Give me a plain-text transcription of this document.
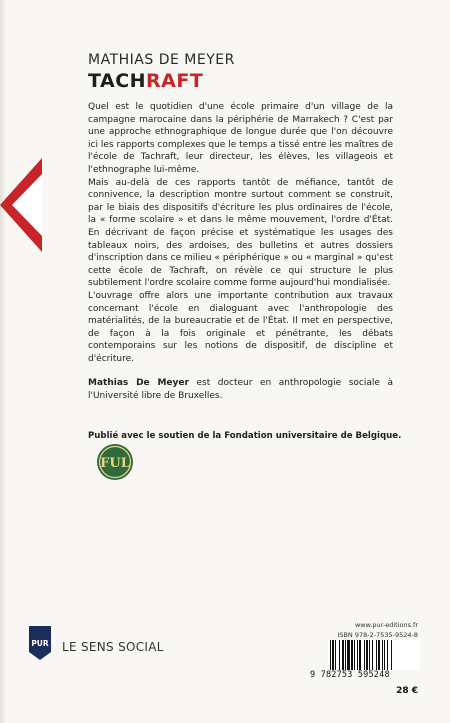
MATHIAS DE MEYER
TACHRAFT

Quel est le quotidien d'une école primaire d'un village de la campagne marocaine dans la périphérie de Marrakech ? C'est par une approche ethnographique de longue durée que l'on découvre ici les rapports complexes que le temps a tissé entre les maîtres de l'école de Tachraft, leur directeur, les élèves, les villageois et l'ethnographe lui-même.

Mais au-delà de ces rapports tantôt de méfiance, tantôt de connivence, la description montre surtout comment se construit, par le biais des dispositifs d'écriture les plus ordinaires de l'école, la « forme scolaire » et dans le même mouvement, l'ordre d'État. En décrivant de façon précise et systématique les usages des tableaux noirs, des ardoises, des bulletins et autres dossiers d'inscription dans ce milieu « périphérique » ou « marginal » qu'est cette école de Tachraft, on révèle ce qui structure le plus subtilement l'ordre scolaire comme forme aujourd'hui mondialisée.

L'ouvrage offre alors une importante contribution aux travaux concernant l'école en dialoguant avec l'anthropologie des matérialités, de la bureaucratie et de l'État. Il met en perspective, de façon à la fois originale et pénétrante, les débats contemporains sur les notions de dispositif, de discipline et d'écriture.

Mathias De Meyer est docteur en anthropologie sociale à l'Université libre de Bruxelles.

Publié avec le soutien de la Fondation universitaire de Belgique.
FUL
PUR LE SENS SOCIAL
www.pur-editions.fr
ISBN 978-2-7535-9524-8
9 782753 595248
28 €
